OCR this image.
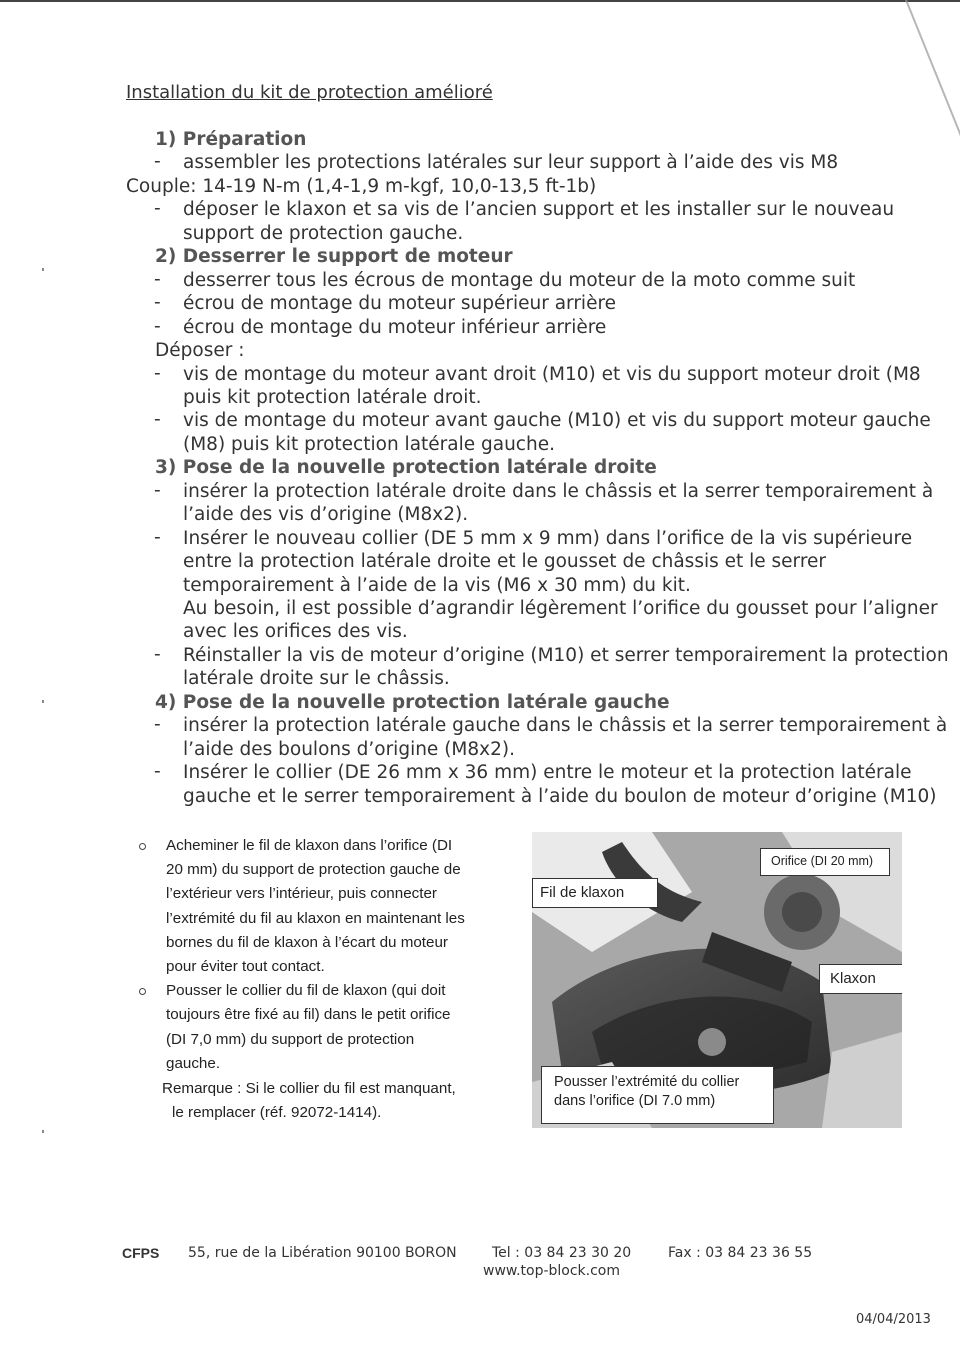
Installation du kit de protection amélioré
1) Préparation
- assembler les protections latérales sur leur support à l’aide des vis M8
Couple: 14-19 N-m (1,4-1,9 m-kgf, 10,0-13,5 ft-1b)
- déposer le klaxon et sa vis de l’ancien support et les installer sur le nouveau
support de protection gauche.
2) Desserrer le support de moteur
- desserrer tous les écrous de montage du moteur de la moto comme suit
- écrou de montage du moteur supérieur arrière
- écrou de montage du moteur inférieur arrière
Déposer :
- vis de montage du moteur avant droit (M10) et vis du support moteur droit (M8
puis kit protection latérale droit.
- vis de montage du moteur avant gauche (M10) et vis du support moteur gauche
(M8) puis kit protection latérale gauche.
3) Pose de la nouvelle protection latérale droite
- insérer la protection latérale droite dans le châssis et la serrer temporairement à
l’aide des vis d’origine (M8x2).
- Insérer le nouveau collier (DE 5 mm x 9 mm) dans l’orifice de la vis supérieure
entre la protection latérale droite et le gousset de châssis et le serrer
temporairement à l’aide de la vis (M6 x 30 mm) du kit.
Au besoin, il est possible d’agrandir légèrement l’orifice du gousset pour l’aligner
avec les orifices des vis.
- Réinstaller la vis de moteur d’origine (M10) et serrer temporairement la protection
latérale droite sur le châssis.
4) Pose de la nouvelle protection latérale gauche
- insérer la protection latérale gauche dans le châssis et la serrer temporairement à
l’aide des boulons d’origine (M8x2).
- Insérer le collier (DE 26 mm x 36 mm) entre le moteur et la protection latérale
gauche et le serrer temporairement à l’aide du boulon de moteur d’origine (M10)
Acheminer le fil de klaxon dans l’orifice (DI
20 mm) du support de protection gauche de
l’extérieur vers l’intérieur, puis connecter
l’extrémité du fil au klaxon en maintenant les
bornes du fil de klaxon à l’écart du moteur
pour éviter tout contact.
Pousser le collier du fil de klaxon (qui doit
toujours être fixé au fil) dans le petit orifice
(DI 7,0 mm) du support de protection
gauche.
Remarque : Si le collier du fil est manquant,
le remplacer (réf. 92072-1414).
Orifice (DI 20 mm)
Fil de klaxon
Klaxon
Pousser l’extrémité du collier
dans l’orifice (DI 7.0 mm)
CFPS 55, rue de la Libération 90100 BORON	Tel : 03 84 23 30 20	Fax : 03 84 23 36 55
www.top-block.com
04/04/2013
